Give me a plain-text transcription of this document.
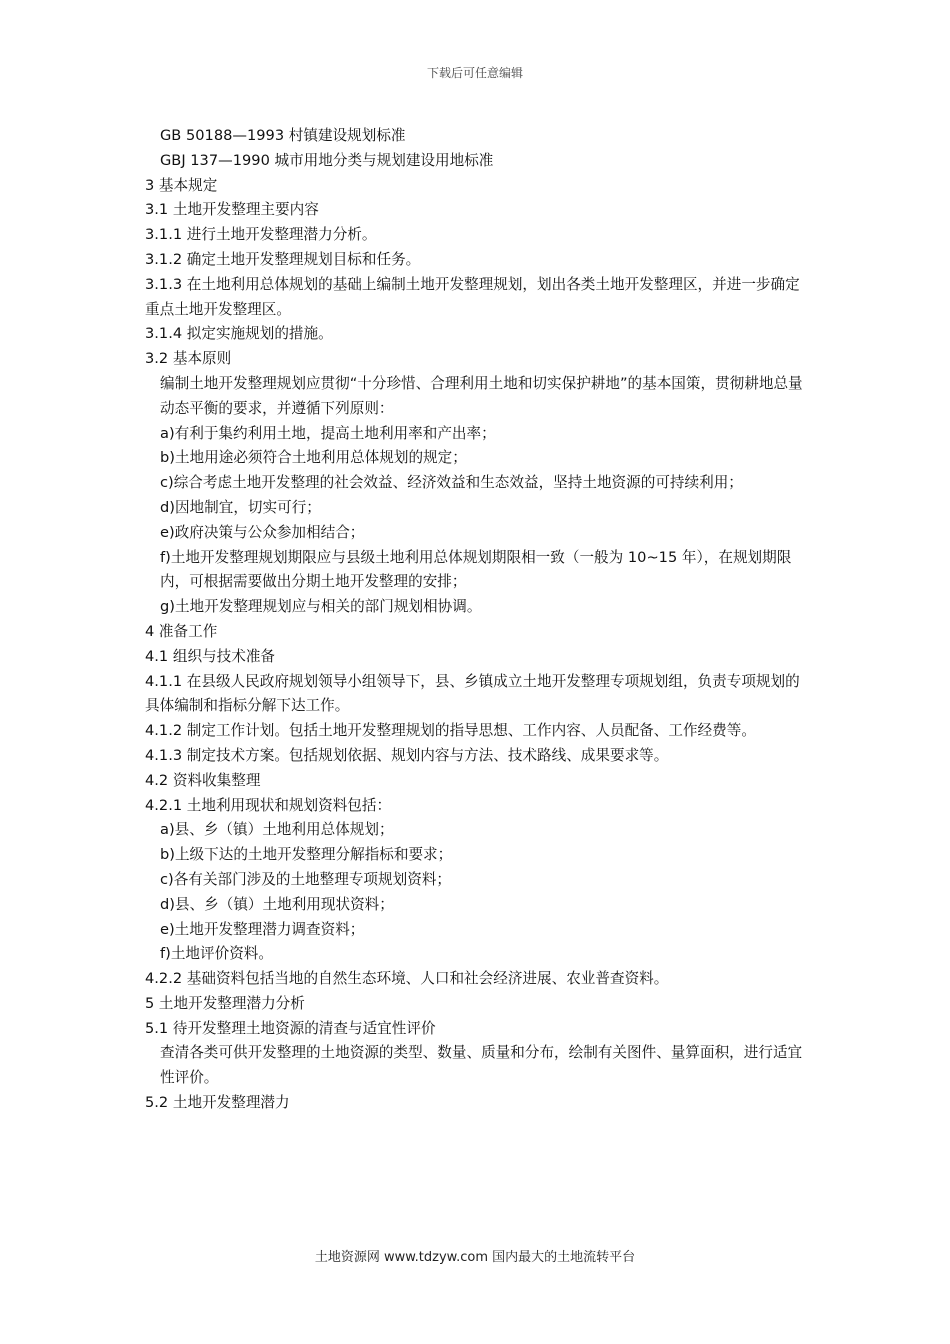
下载后可任意编辑

GB 50188—1993 村镇建设规划标准

GBJ 137—1990 城市用地分类与规划建设用地标准

3 基本规定

3.1 土地开发整理主要内容

3.1.1 进行土地开发整理潜力分析。

3.1.2 确定土地开发整理规划目标和任务。

3.1.3 在土地利用总体规划的基础上编制土地开发整理规划，划出各类土地开发整理区，并进一步确定重点土地开发整理区。

3.1.4 拟定实施规划的措施。

3.2 基本原则

编制土地开发整理规划应贯彻“十分珍惜、合理利用土地和切实保护耕地”的基本国策，贯彻耕地总量动态平衡的要求，并遵循下列原则：

a)有利于集约利用土地，提高土地利用率和产出率；

b)土地用途必须符合土地利用总体规划的规定；

c)综合考虑土地开发整理的社会效益、经济效益和生态效益，坚持土地资源的可持续利用；

d)因地制宜，切实可行；

e)政府决策与公众参加相结合；

f)土地开发整理规划期限应与县级土地利用总体规划期限相一致（一般为 10~15 年），在规划期限内，可根据需要做出分期土地开发整理的安排；

g)土地开发整理规划应与相关的部门规划相协调。

4 准备工作

4.1 组织与技术准备

4.1.1 在县级人民政府规划领导小组领导下，县、乡镇成立土地开发整理专项规划组，负责专项规划的具体编制和指标分解下达工作。

4.1.2 制定工作计划。包括土地开发整理规划的指导思想、工作内容、人员配备、工作经费等。

4.1.3 制定技术方案。包括规划依据、规划内容与方法、技术路线、成果要求等。

4.2 资料收集整理

4.2.1 土地利用现状和规划资料包括：

a)县、乡（镇）土地利用总体规划；

b)上级下达的土地开发整理分解指标和要求；

c)各有关部门涉及的土地整理专项规划资料；

d)县、乡（镇）土地利用现状资料；

e)土地开发整理潜力调查资料；

f)土地评价资料。

4.2.2 基础资料包括当地的自然生态环境、人口和社会经济进展、农业普查资料。

5 土地开发整理潜力分析

5.1 待开发整理土地资源的清查与适宜性评价

查清各类可供开发整理的土地资源的类型、数量、质量和分布，绘制有关图件、量算面积，进行适宜性评价。

5.2 土地开发整理潜力

土地资源网 www.tdzyw.com 国内最大的土地流转平台
